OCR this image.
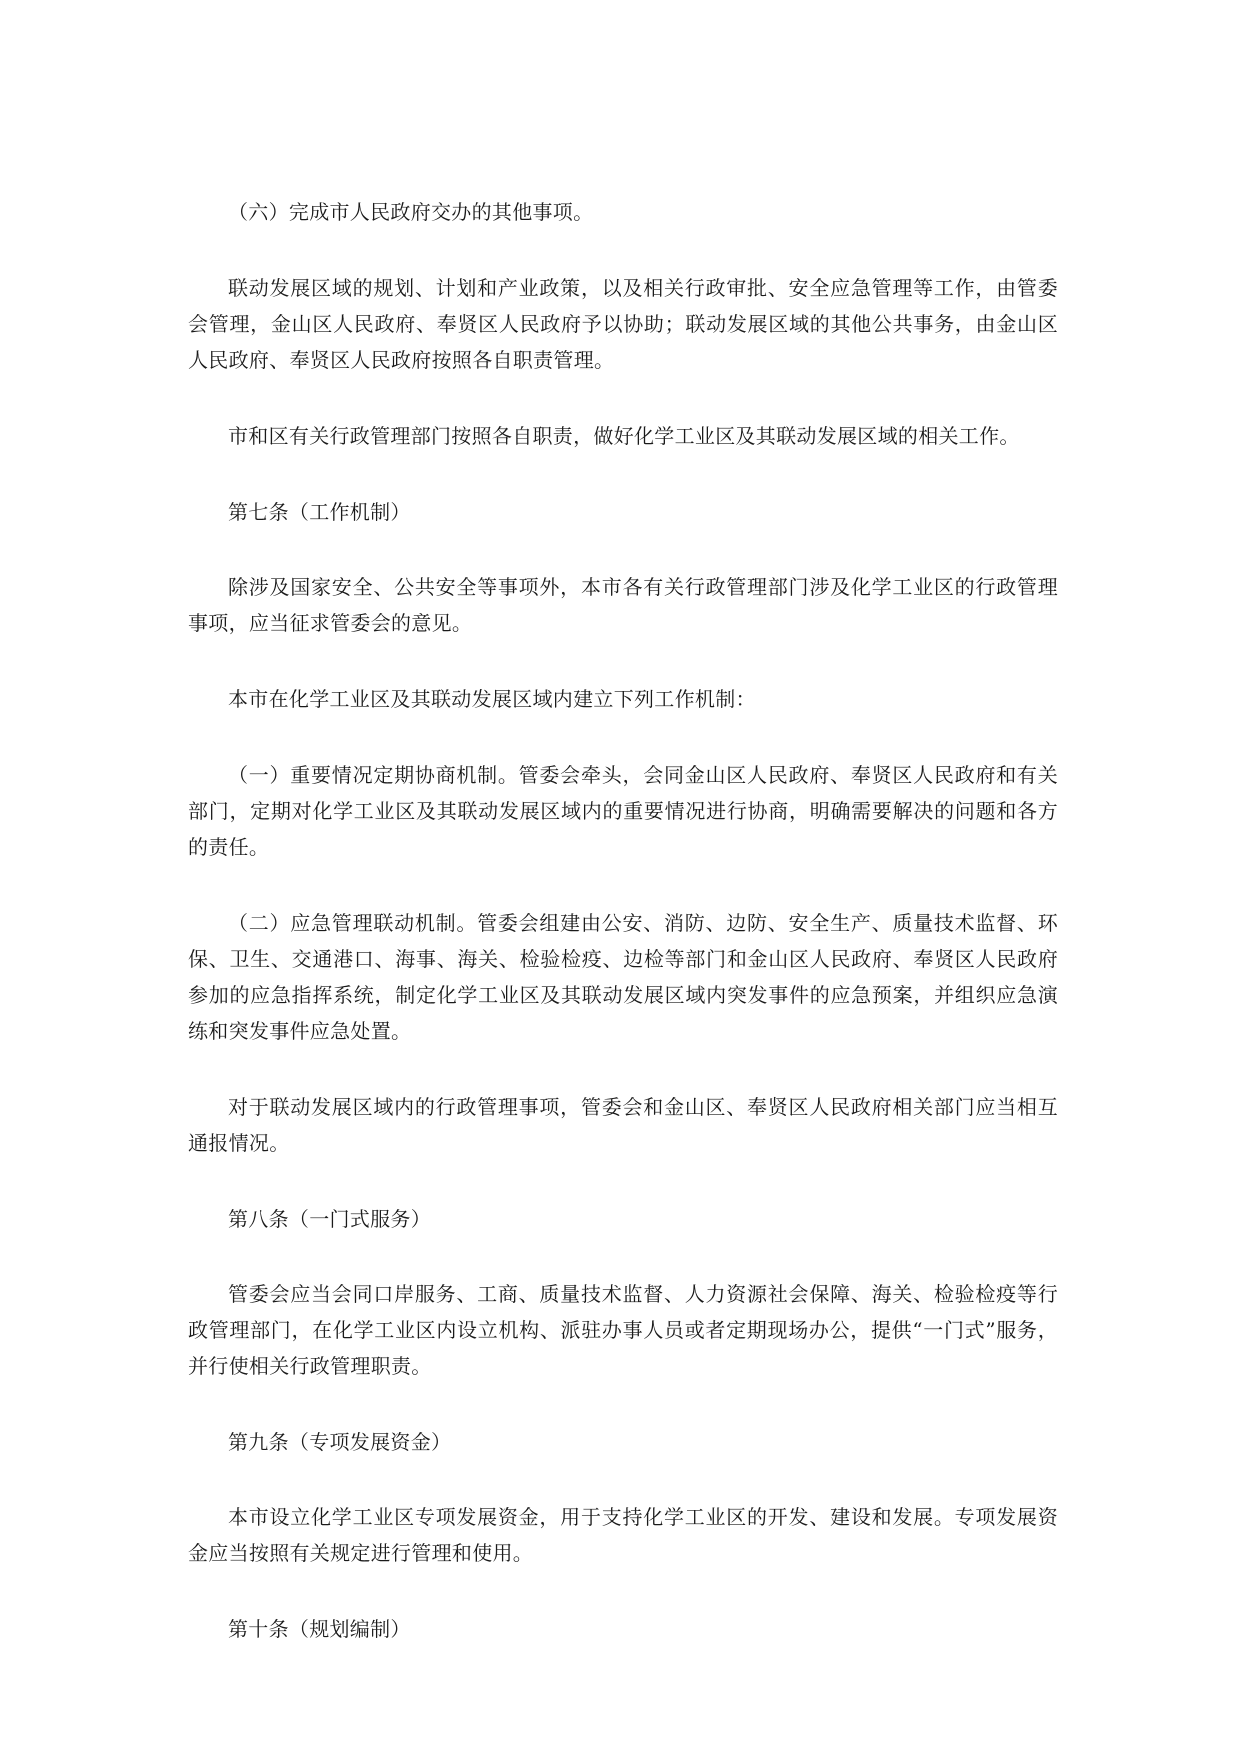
（六）完成市人民政府交办的其他事项。

联动发展区域的规划、计划和产业政策，以及相关行政审批、安全应急管理等工作，由管委会管理，金山区人民政府、奉贤区人民政府予以协助；联动发展区域的其他公共事务，由金山区人民政府、奉贤区人民政府按照各自职责管理。

市和区有关行政管理部门按照各自职责，做好化学工业区及其联动发展区域的相关工作。

第七条（工作机制）

除涉及国家安全、公共安全等事项外，本市各有关行政管理部门涉及化学工业区的行政管理事项，应当征求管委会的意见。

本市在化学工业区及其联动发展区域内建立下列工作机制：

（一）重要情况定期协商机制。管委会牵头，会同金山区人民政府、奉贤区人民政府和有关部门，定期对化学工业区及其联动发展区域内的重要情况进行协商，明确需要解决的问题和各方的责任。

（二）应急管理联动机制。管委会组建由公安、消防、边防、安全生产、质量技术监督、环保、卫生、交通港口、海事、海关、检验检疫、边检等部门和金山区人民政府、奉贤区人民政府参加的应急指挥系统，制定化学工业区及其联动发展区域内突发事件的应急预案，并组织应急演练和突发事件应急处置。

对于联动发展区域内的行政管理事项，管委会和金山区、奉贤区人民政府相关部门应当相互通报情况。

第八条（一门式服务）

管委会应当会同口岸服务、工商、质量技术监督、人力资源社会保障、海关、检验检疫等行政管理部门，在化学工业区内设立机构、派驻办事人员或者定期现场办公，提供“一门式”服务，并行使相关行政管理职责。

第九条（专项发展资金）

本市设立化学工业区专项发展资金，用于支持化学工业区的开发、建设和发展。专项发展资金应当按照有关规定进行管理和使用。

第十条（规划编制）
